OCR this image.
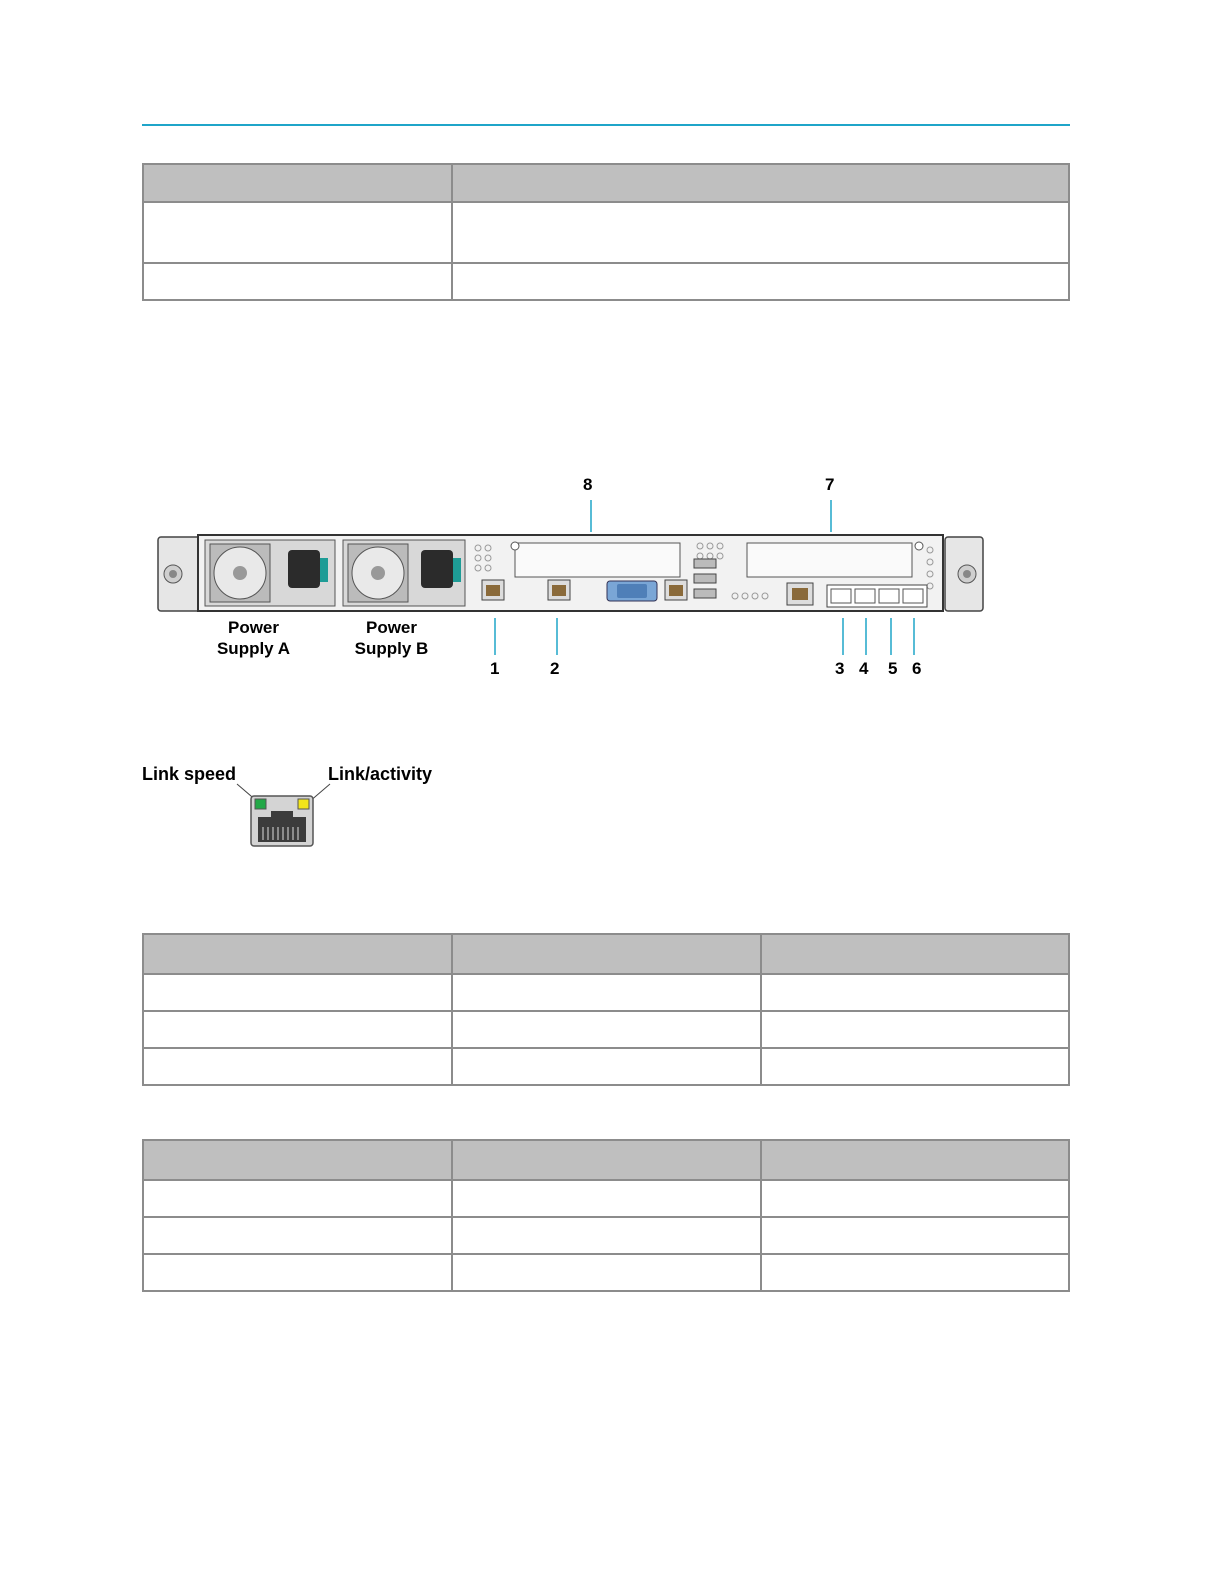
8	7
Power
Supply A
Power
Supply B
1	2	3 4 5 6
Link speed	Link/activity
